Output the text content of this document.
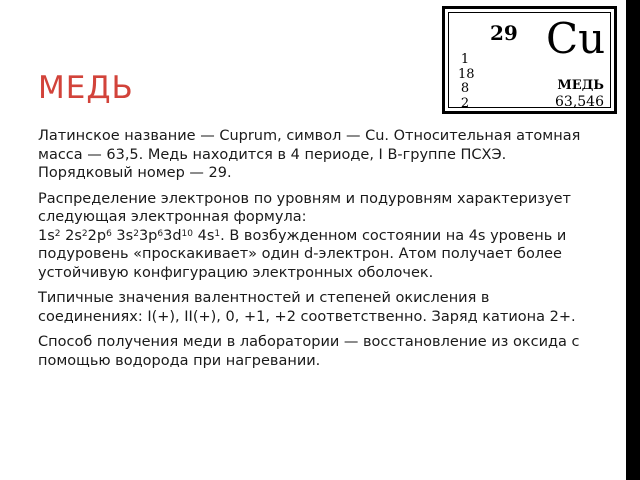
МЕДЬ
29 Cu
1
18
8
2
МЕДЬ
63,546

Латинское название — Cuprum, символ — Cu. Относительная атомная масса — 63,5. Медь находится в 4 периоде, I B-группе ПСХЭ. Порядковый номер — 29.

Распределение электронов по уровням и подуровням характеризует следующая электронная формула:
$1s^2$ $2s^22p^6$ $3s^23p^63d^{10}$ $4s^1$. В возбужденном состоянии на 4s уровень и подуровень «проскакивает» один d-электрон. Атом получает более устойчивую конфигурацию электронных оболочек.

Типичные значения валентностей и степеней окисления в соединениях: I(+), II(+), 0, +1, +2 соответственно. Заряд катиона 2+.

Способ получения меди в лаборатории — восстановление из оксида с помощью водорода при нагревании.
